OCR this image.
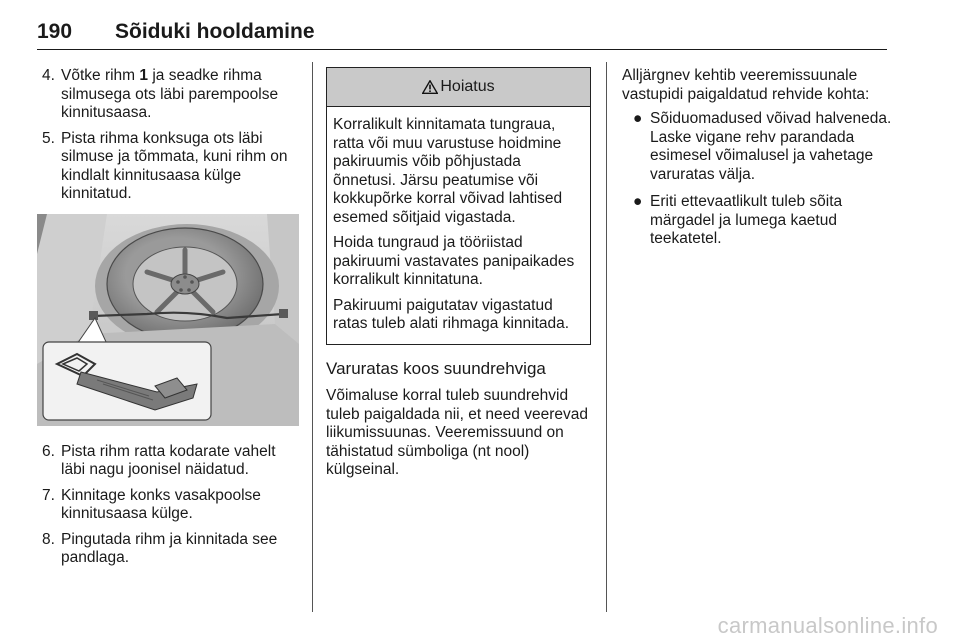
190 Sõiduki hooldamine
4. Võtke rihm 1 ja seadke rihma silmusega ots läbi parempoolse kinnitusaasa.
5. Pista rihma konksuga ots läbi silmuse ja tõmmata, kuni rihm on kindlalt kinnitusaasa külge kinnitatud.
6. Pista rihm ratta kodarate vahelt läbi nagu joonisel näidatud.
7. Kinnitage konks vasakpoolse kinnitusaasa külge.
8. Pingutada rihm ja kinnitada see pandlaga.
Hoiatus

Korralikult kinnitamata tungraua, ratta või muu varustuse hoidmine pakiruumis võib põhjustada õnnetusi. Järsu peatumise või kokkupõrke korral võivad lahtised esemed sõitjaid vigastada.

Hoida tungraud ja tööriistad pakiruumi vastavates panipaikades korralikult kinnitatuna.

Pakiruumi paigutatav vigastatud ratas tuleb alati rihmaga kinnitada.

Varuratas koos suundrehviga

Võimaluse korral tuleb suundrehvid tuleb paigaldada nii, et need veerevad liikumissuunas. Veeremissuund on tähistatud sümboliga (nt nool) külgseinal.

Alljärgnev kehtib veeremissuunale vastupidi paigaldatud rehvide kohta:

● Sõiduomadused võivad halveneda. Laske vigane rehv parandada esimesel võimalusel ja vahetage varuratas välja.
● Eriti ettevaatlikult tuleb sõita märgadel ja lumega kaetud teekatetel.
carmanualsonline.info
